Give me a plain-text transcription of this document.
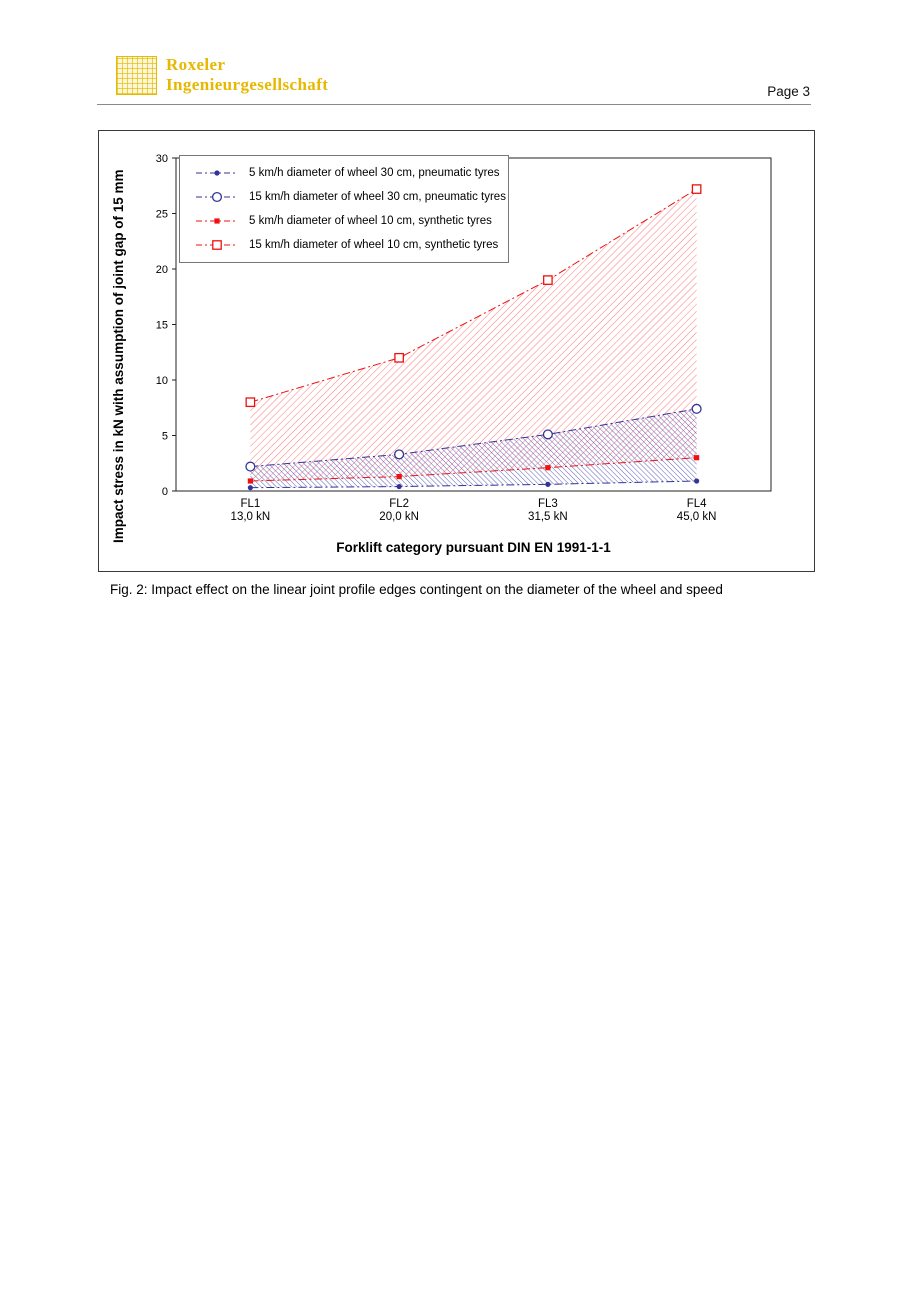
Roxeler
Ingenieurgesellschaft	Page 3
Impact stress in kN with assumption of joint gap of 15 mm	0
5
10
15
20
25
30
FL1
13,0 kN
FL2
20,0 kN
FL3
31,5 kN
FL4
45,0 kN
5 km/h diameter of wheel 30 cm, pneumatic tyres
15 km/h diameter of wheel 30 cm, pneumatic tyres
5 km/h diameter of wheel 10 cm, synthetic tyres
15 km/h diameter of wheel 10 cm, synthetic tyres
Forklift category pursuant DIN EN 1991-1-1
Fig. 2: Impact effect on the linear joint profile edges contingent on the diameter of the wheel and speed
